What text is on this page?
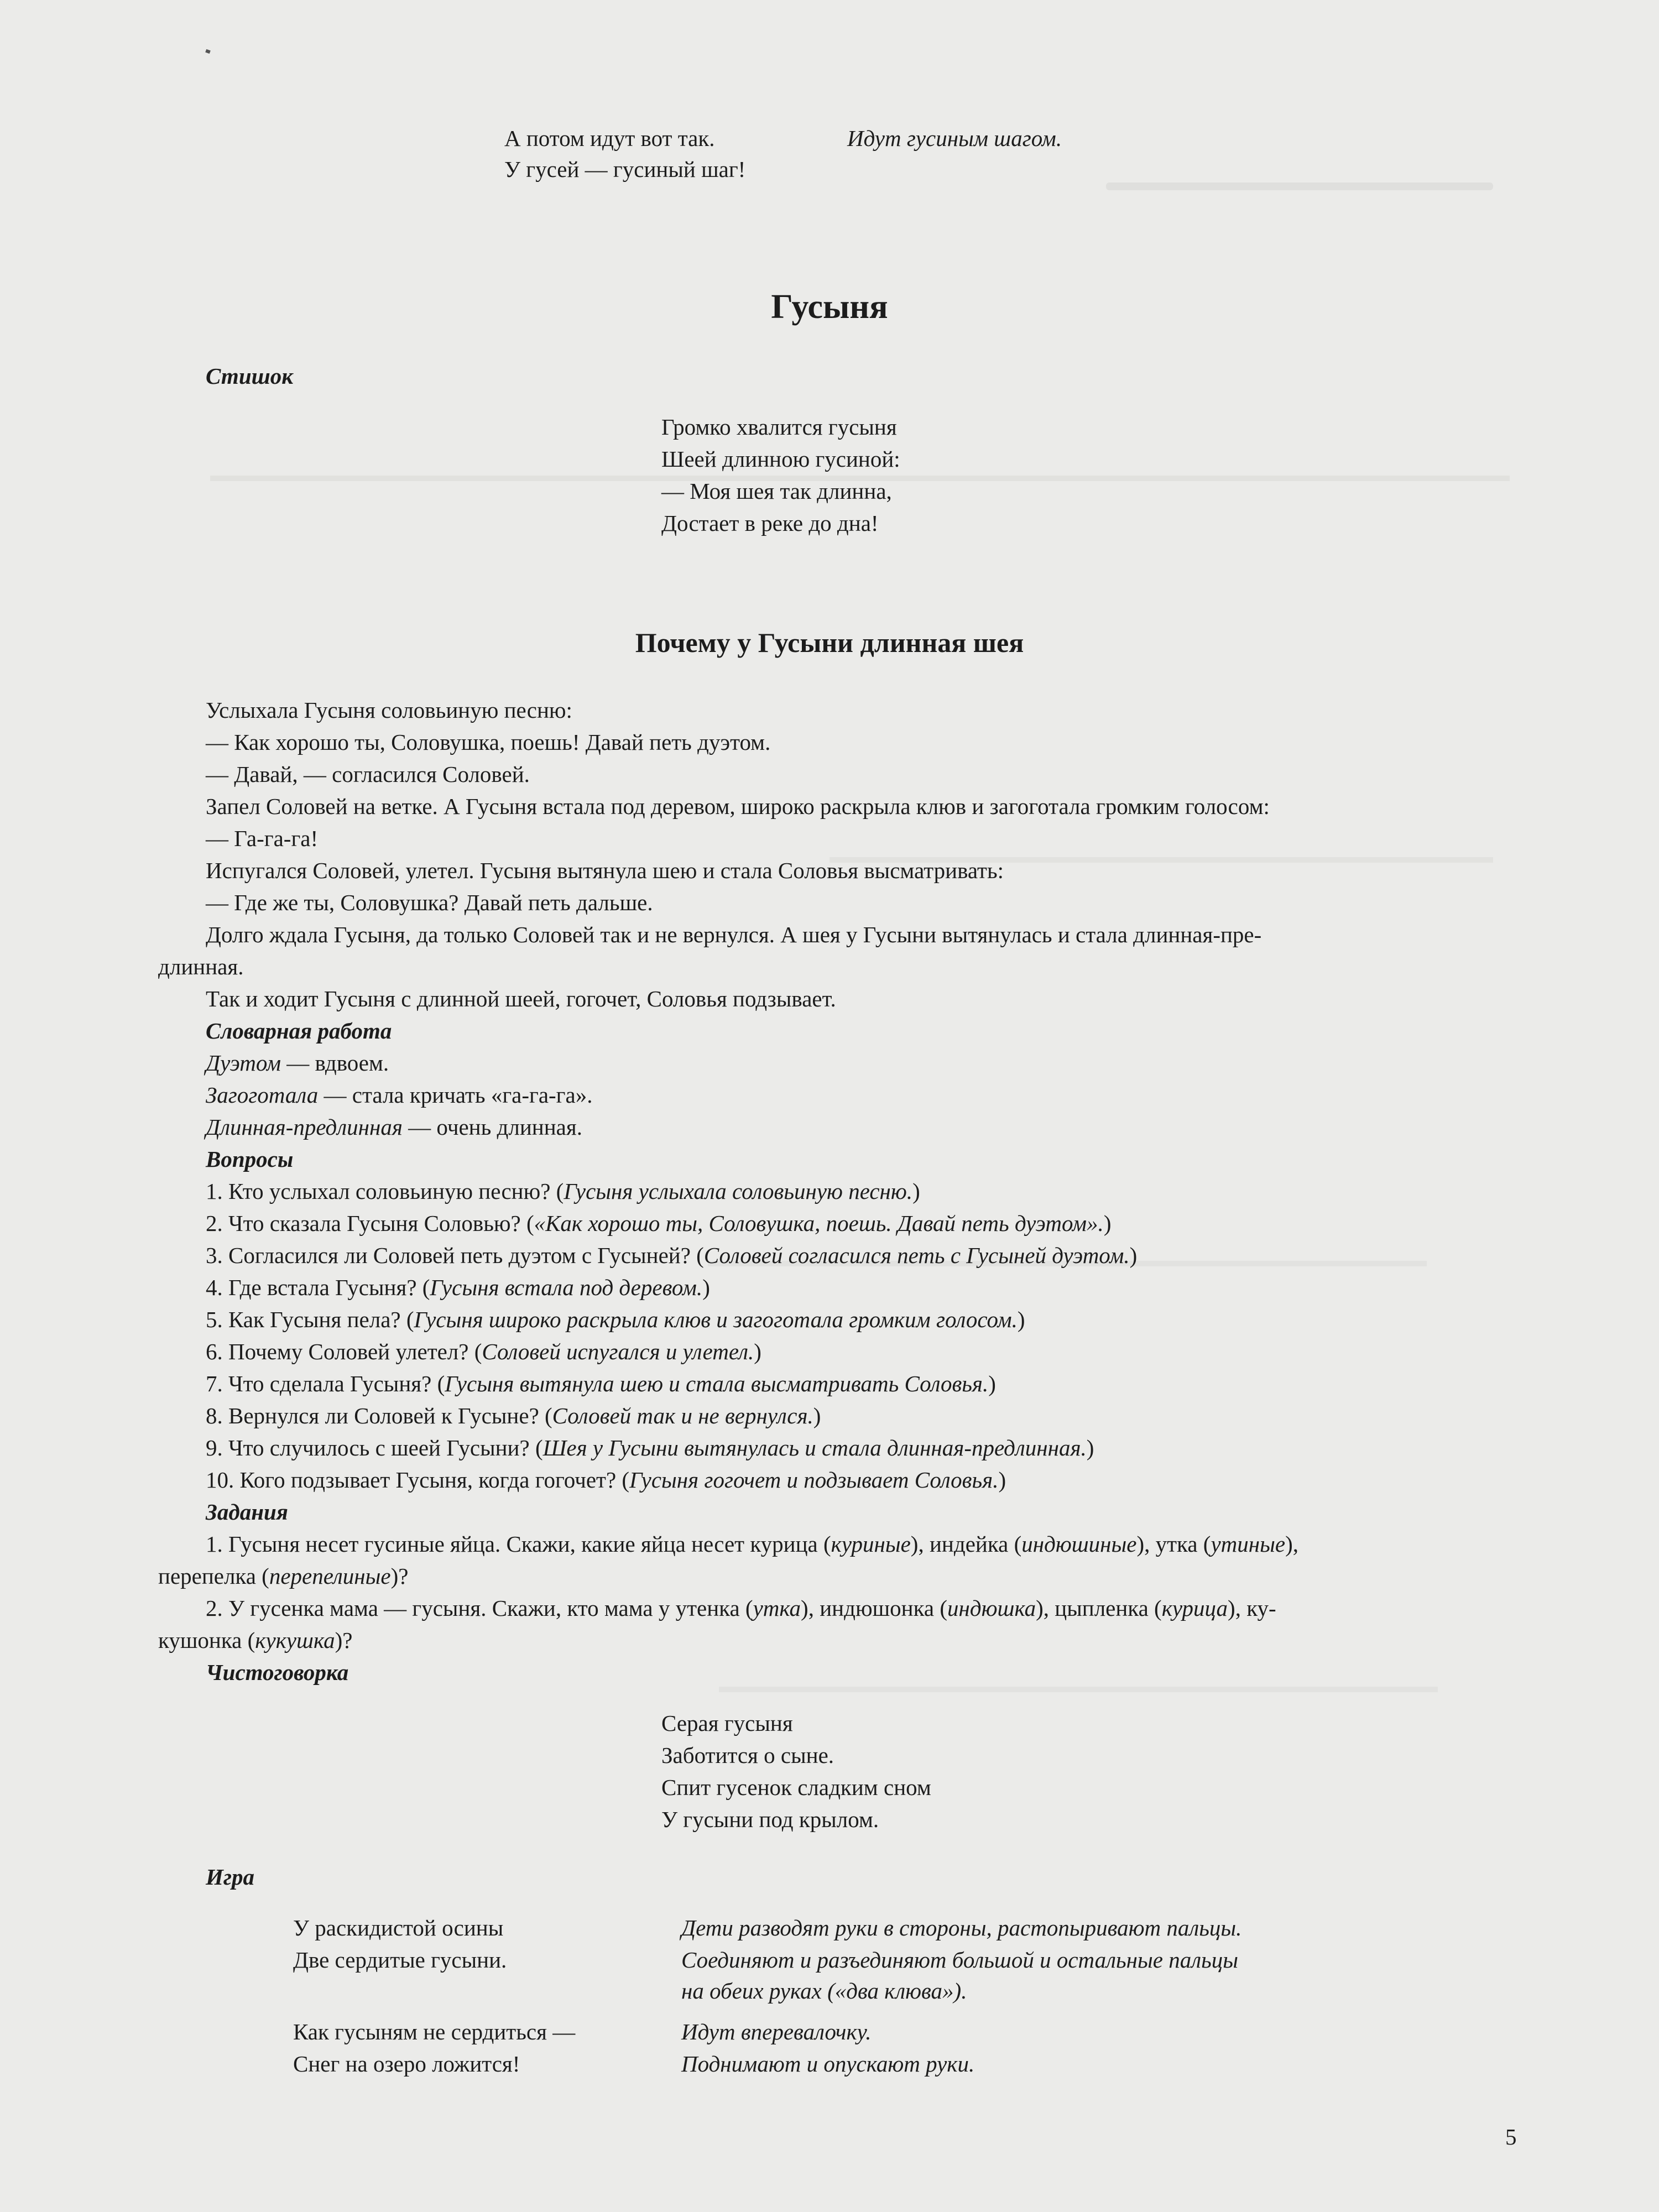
А потом идут вот так.	Идут гусиным шагом.
У гусей — гусиный шаг!
Гусыня
Стишок
Громко хвалится гусыня
Шеей длинною гусиной:
— Моя шея так длинна,
Достает в реке до дна!
Почему у Гусыни длинная шея
Услыхала Гусыня соловьиную песню:
— Как хорошо ты, Соловушка, поешь! Давай петь дуэтом.
— Давай, — согласился Соловей.
Запел Соловей на ветке. А Гусыня встала под деревом, широко раскрыла клюв и загоготала громким голосом:
— Га-га-га!
Испугался Соловей, улетел. Гусыня вытянула шею и стала Соловья высматривать:
— Где же ты, Соловушка? Давай петь дальше.
Долго ждала Гусыня, да только Соловей так и не вернулся. А шея у Гусыни вытянулась и стала длинная-пре-
длинная.
Так и ходит Гусыня с длинной шеей, гогочет, Соловья подзывает.
Словарная работа
Дуэтом — вдвоем.
Загоготала — стала кричать «га-га-га».
Длинная-предлинная — очень длинная.
Вопросы
1. Кто услыхал соловьиную песню? (Гусыня услыхала соловьиную песню.)
2. Что сказала Гусыня Соловью? («Как хорошо ты, Соловушка, поешь. Давай петь дуэтом».)
3. Согласился ли Соловей петь дуэтом с Гусыней? (Соловей согласился петь с Гусыней дуэтом.)
4. Где встала Гусыня? (Гусыня встала под деревом.)
5. Как Гусыня пела? (Гусыня широко раскрыла клюв и загоготала громким голосом.)
6. Почему Соловей улетел? (Соловей испугался и улетел.)
7. Что сделала Гусыня? (Гусыня вытянула шею и стала высматривать Соловья.)
8. Вернулся ли Соловей к Гусыне? (Соловей так и не вернулся.)
9. Что случилось с шеей Гусыни? (Шея у Гусыни вытянулась и стала длинная-предлинная.)
10. Кого подзывает Гусыня, когда гогочет? (Гусыня гогочет и подзывает Соловья.)
Задания
1. Гусыня несет гусиные яйца. Скажи, какие яйца несет курица (куриные), индейка (индюшиные), утка (утиные),
перепелка (перепелиные)?
2. У гусенка мама — гусыня. Скажи, кто мама у утенка (утка), индюшонка (индюшка), цыпленка (курица), ку-
кушонка (кукушка)?
Чистоговорка
Серая гусыня
Заботится о сыне.
Спит гусенок сладким сном
У гусыни под крылом.
Игра
У раскидистой осины	Дети разводят руки в стороны, растопыривают пальцы.
Две сердитые гусыни.	Соединяют и разъединяют большой и остальные пальцы
на обеих руках («два клюва»).
Как гусыням не сердиться —	Идут вперевалочку.
Снег на озеро ложится!	Поднимают и опускают руки.
5
